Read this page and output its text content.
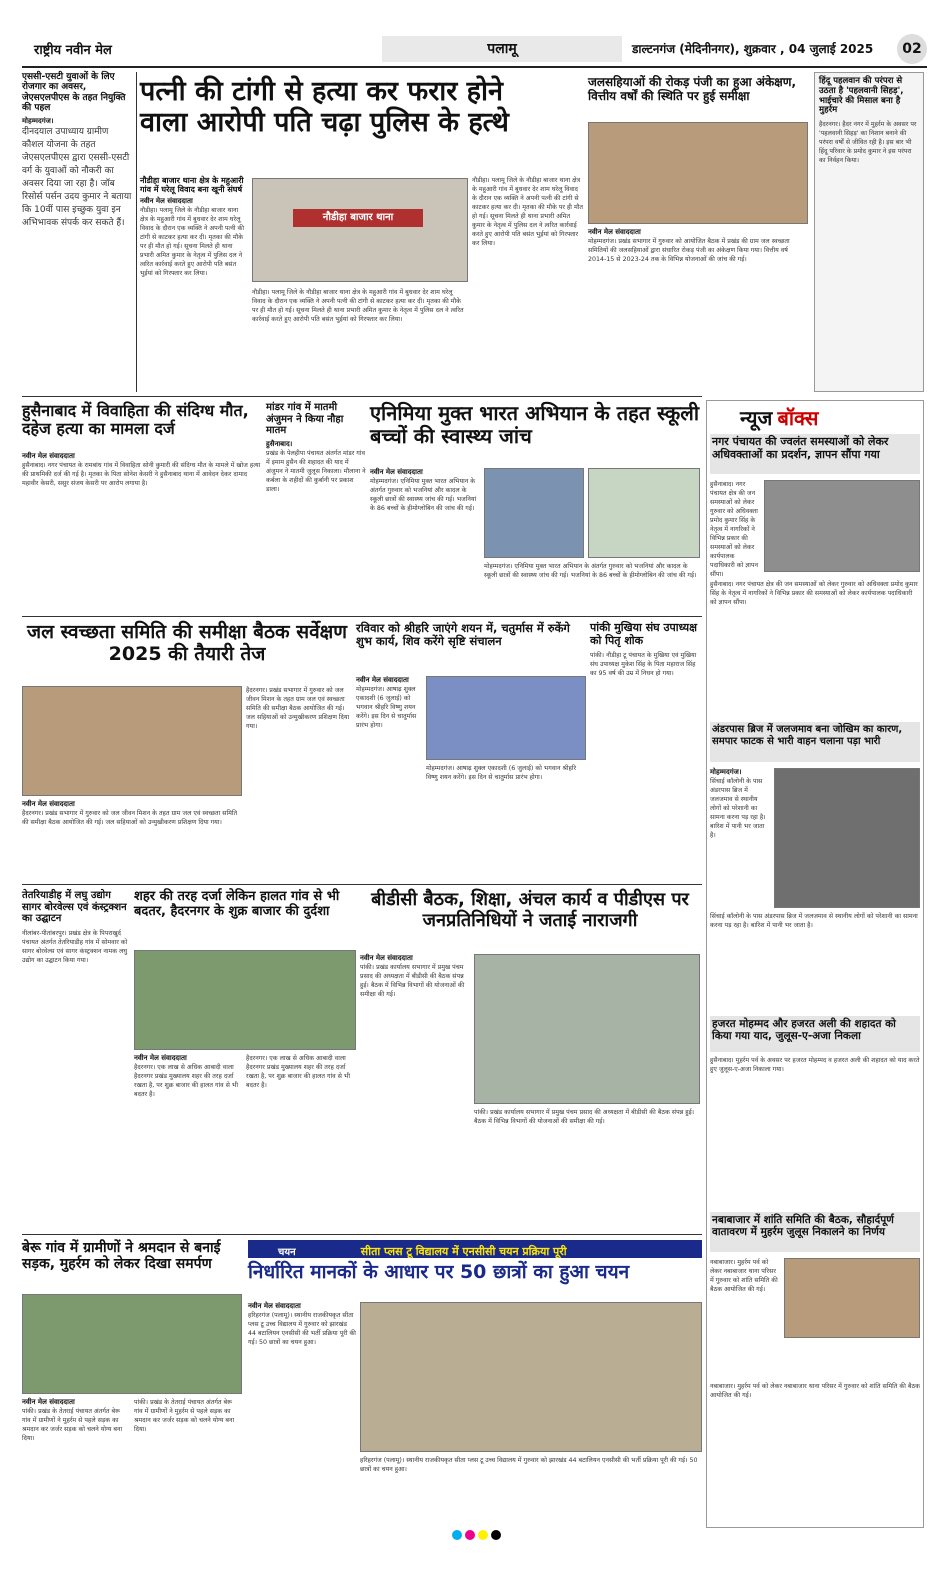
राष्ट्रीय नवीन मेल	पलामू	डाल्टनगंज (मेदिनीनगर), शुक्रवार , 04 जुलाई 2025	02
एससी-एसटी युवाओं के लिए रोजगार का अवसर, जेएसएलपीएस के तहत नियुक्ति की पहल
मोहम्मदगंज।
दीनदयाल उपाध्याय ग्रामीण कौशल योजना के तहत जेएसएलपीएस द्वारा एससी-एसटी वर्ग के युवाओं को नौकरी का अवसर दिया जा रहा है। जॉब रिसोर्स पर्सन उदय कुमार ने बताया कि 10वीं पास इच्छुक युवा इन अभिभावक संपर्क कर सकते हैं।
पत्नी की टांगी से हत्या कर फरार होने
वाला आरोपी पति चढ़ा पुलिस के हत्थे
नौडीहा बाजार थाना क्षेत्र के महुआरी गांव में घरेलू विवाद बना खूनी संघर्ष
नवीन मेल संवाददाता
नौडीहा। पलामू जिले के नौडीहा बाजार थाना क्षेत्र के महुआरी गांव में बुधवार देर शाम घरेलू विवाद के दौरान एक व्यक्ति ने अपनी पत्नी की टांगी से काटकर हत्या कर दी। मृतका की मौके पर ही मौत हो गई। सूचना मिलते ही थाना प्रभारी अमित कुमार के नेतृत्व में पुलिस दल ने त्वरित कार्रवाई करते हुए आरोपी पति बसंत भुईयां को गिरफ्तार कर लिया।
नौडीहा बाजार थाना
नौडीहा। पलामू जिले के नौडीहा बाजार थाना क्षेत्र के महुआरी गांव में बुधवार देर शाम घरेलू विवाद के दौरान एक व्यक्ति ने अपनी पत्नी की टांगी से काटकर हत्या कर दी। मृतका की मौके पर ही मौत हो गई। सूचना मिलते ही थाना प्रभारी अमित कुमार के नेतृत्व में पुलिस दल ने त्वरित कार्रवाई करते हुए आरोपी पति बसंत भुईयां को गिरफ्तार कर लिया।
नौडीहा। पलामू जिले के नौडीहा बाजार थाना क्षेत्र के महुआरी गांव में बुधवार देर शाम घरेलू विवाद के दौरान एक व्यक्ति ने अपनी पत्नी की टांगी से काटकर हत्या कर दी। मृतका की मौके पर ही मौत हो गई। सूचना मिलते ही थाना प्रभारी अमित कुमार के नेतृत्व में पुलिस दल ने त्वरित कार्रवाई करते हुए आरोपी पति बसंत भुईयां को गिरफ्तार कर लिया।
जलसहियाओं की रोकड़ पंजी का हुआ अंकेक्षण, वित्तीय वर्षों की स्थिति पर हुई समीक्षा
नवीन मेल संवाददाता
मोहम्मदगंज। प्रखंड सभागार में गुरुवार को आयोजित बैठक में प्रखंड की ग्राम जल स्वच्छता समितियों की जलसहियाओं द्वारा संधारित रोकड़ पंजी का अंकेक्षण किया गया। वित्तीय वर्ष 2014-15 से 2023-24 तक के विभिन्न योजनाओं की जांच की गई।
हिंदू पहलवान की परंपरा से उठता है 'पहलवानी सिहड़', भाईचारे की मिसाल बना है मुहर्रम
हैदरनगर। हैदर नगर में मुहर्रम के अवसर पर 'पहलवानी सिहड़' का निशान बनाने की परंपरा वर्षों से जीवित रही है। इस बार भी हिंदू परिवार के प्रमोद कुमार ने इस परंपरा का निर्वहन किया।
हुसैनाबाद में विवाहिता की संदिग्ध मौत, दहेज हत्या का मामला दर्ज
नवीन मेल संवाददाता
हुसैनाबाद। नगर पंचायत के रामबांध गांव में विवाहिता सोनी कुमारी की संदिग्ध मौत के मामले में खोज हत्या की प्राथमिकी दर्ज की गई है। मृतका के पिता सोनेश केसरी ने हुसैनाबाद थाना में आवेदन देकर दामाद महावीर केसरी, ससुर संजय केसरी पर आरोप लगाया है।
मांडर गांव में मातमी अंजुमन ने किया नौहा मातम
हुसैनाबाद।
प्रखंड के पेलहीपा पंचायत अंतर्गत मांडर गांव में इमाम हुसैन की शहादत की याद में अंजुमन ने मातमी जुलूस निकाला। मौलाना ने कर्बला के शहीदों की कुर्बानी पर प्रकाश डाला।
एनिमिया मुक्त भारत अभियान के तहत स्कूली बच्चों की स्वास्थ्य जांच
नवीन मेल संवाददाता
मोहम्मदगंज। एनिमिया मुक्त भारत अभियान के अंतर्गत गुरुवार को भजनियां और कादल के स्कूली छात्रों की स्वास्थ्य जांच की गई। भजनियां के 86 बच्चों के हीमोग्लोबिन की जांच की गई।
मोहम्मदगंज। एनिमिया मुक्त भारत अभियान के अंतर्गत गुरुवार को भजनियां और कादल के स्कूली छात्रों की स्वास्थ्य जांच की गई। भजनियां के 86 बच्चों के हीमोग्लोबिन की जांच की गई।
न्यूज बॉक्स
नगर पंचायत की ज्वलंत समस्याओं को लेकर अधिवक्ताओं का प्रदर्शन, ज्ञापन सौंपा गया
हुसैनाबाद। नगर पंचायत क्षेत्र की जन समस्याओं को लेकर गुरुवार को अधिवक्ता प्रमोद कुमार सिंह के नेतृत्व में नागरिकों ने विभिन्न प्रकार की समस्याओं को लेकर कार्यपालक पदाधिकारी को ज्ञापन सौंपा।
हुसैनाबाद। नगर पंचायत क्षेत्र की जन समस्याओं को लेकर गुरुवार को अधिवक्ता प्रमोद कुमार सिंह के नेतृत्व में नागरिकों ने विभिन्न प्रकार की समस्याओं को लेकर कार्यपालक पदाधिकारी को ज्ञापन सौंपा।
अंडरपास ब्रिज में जलजमाव बना जोखिम का कारण, समपार फाटक से भारी वाहन चलाना पड़ा भारी
मोहम्मदगंज।
सिंचाई कॉलोनी के पास अंडरपास ब्रिज में जलजमाव से स्थानीय लोगों को परेशानी का सामना करना पड़ रहा है। बारिश में पानी भर जाता है।
सिंचाई कॉलोनी के पास अंडरपास ब्रिज में जलजमाव से स्थानीय लोगों को परेशानी का सामना करना पड़ रहा है। बारिश में पानी भर जाता है।
हजरत मोहम्मद और हजरत अली की शहादत को किया गया याद, जुलूस-ए-अजा निकला
हुसैनाबाद। मुहर्रम पर्व के अवसर पर हजरत मोहम्मद व हजरत अली की शहादत को याद करते हुए जुलूस-ए-अजा निकाला गया।
नबाबाजार में शांति समिति की बैठक, सौहार्दपूर्ण वातावरण में मुहर्रम जुलूस निकालने का निर्णय
नबाबाजार। मुहर्रम पर्व को लेकर नबाबाजार थाना परिसर में गुरुवार को शांति समिति की बैठक आयोजित की गई।
नबाबाजार। मुहर्रम पर्व को लेकर नबाबाजार थाना परिसर में गुरुवार को शांति समिति की बैठक आयोजित की गई।
जल स्वच्छता समिति की समीक्षा बैठक सर्वेक्षण 2025 की तैयारी तेज
नवीन मेल संवाददाता
हैदरनगर। प्रखंड सभागार में गुरुवार को जल जीवन मिशन के तहत ग्राम जल एवं स्वच्छता समिति की समीक्षा बैठक आयोजित की गई। जल सहियाओं को उन्मुखीकरण प्रशिक्षण दिया गया।
हैदरनगर। प्रखंड सभागार में गुरुवार को जल जीवन मिशन के तहत ग्राम जल एवं स्वच्छता समिति की समीक्षा बैठक आयोजित की गई। जल सहियाओं को उन्मुखीकरण प्रशिक्षण दिया गया।
रविवार को श्रीहरि जाएंगे शयन में, चतुर्मास में रुकेंगे शुभ कार्य, शिव करेंगे सृष्टि संचालन
नवीन मेल संवाददाता
मोहम्मदगंज। आषाढ़ शुक्ल एकादशी (6 जुलाई) को भगवान श्रीहरि विष्णु शयन करेंगे। इस दिन से चातुर्मास प्रारंभ होगा।
मोहम्मदगंज। आषाढ़ शुक्ल एकादशी (6 जुलाई) को भगवान श्रीहरि विष्णु शयन करेंगे। इस दिन से चातुर्मास प्रारंभ होगा।
पांकी मुखिया संघ उपाध्यक्ष को पितृ शोक
पांकी। नौडीहा टू पंचायत के मुखिया एवं मुखिया संघ उपाध्यक्ष मुकेश सिंह के पिता महाराज सिंह का 95 वर्ष की उम्र में निधन हो गया।
तेतरियाडीह में लघु उद्योग सागर बोरवेल्स एवं कंस्ट्रक्शन का उद्घाटन
नीलांबर-पीतांबरपुर। प्रखंड क्षेत्र के पिपराखुर्द पंचायत अंतर्गत तेतरियाडीह गांव में सोमवार को सागर बोरवेल्स एवं सागर कंस्ट्रक्शन नामक लघु उद्योग का उद्घाटन किया गया।
शहर की तरह दर्जा लेकिन हालत गांव से भी बदतर, हैदरनगर के शुक्र बाजार की दुर्दशा
नवीन मेल संवाददाता
हैदरनगर। एक लाख से अधिक आबादी वाला हैदरनगर प्रखंड मुख्यालय शहर की तरह दर्जा रखता है, पर शुक्र बाजार की हालत गांव से भी बदतर है।
हैदरनगर। एक लाख से अधिक आबादी वाला हैदरनगर प्रखंड मुख्यालय शहर की तरह दर्जा रखता है, पर शुक्र बाजार की हालत गांव से भी बदतर है।
बीडीसी बैठक, शिक्षा, अंचल कार्य व पीडीएस पर जनप्रतिनिधियों ने जताई नाराजगी
नवीन मेल संवाददाता
पांकी। प्रखंड कार्यालय सभागार में प्रमुख पंचम प्रसाद की अध्यक्षता में बीडीसी की बैठक संपन्न हुई। बैठक में विभिन्न विभागों की योजनाओं की समीक्षा की गई।
पांकी। प्रखंड कार्यालय सभागार में प्रमुख पंचम प्रसाद की अध्यक्षता में बीडीसी की बैठक संपन्न हुई। बैठक में विभिन्न विभागों की योजनाओं की समीक्षा की गई।
बेरू गांव में ग्रामीणों ने श्रमदान से बनाई सड़क, मुहर्रम को लेकर दिखा समर्पण
नवीन मेल संवाददाता
पांकी। प्रखंड के तेतराई पंचायत अंतर्गत बेरू गांव में ग्रामीणों ने मुहर्रम से पहले सड़क का श्रमदान कर जर्जर सड़क को चलने योग्य बना दिया।
पांकी। प्रखंड के तेतराई पंचायत अंतर्गत बेरू गांव में ग्रामीणों ने मुहर्रम से पहले सड़क का श्रमदान कर जर्जर सड़क को चलने योग्य बना दिया।
चयन	सीता प्लस टू विद्यालय में एनसीसी चयन प्रक्रिया पूरी
निर्धारित मानकों के आधार पर 50 छात्रों का हुआ चयन
नवीन मेल संवाददाता
हरिहरगंज (पलामू)। स्थानीय राजकीयकृत सीता प्लस टू उच्च विद्यालय में गुरुवार को झारखंड 44 बटालियन एनसीसी की भर्ती प्रक्रिया पूरी की गई। 50 छात्रों का चयन हुआ।
हरिहरगंज (पलामू)। स्थानीय राजकीयकृत सीता प्लस टू उच्च विद्यालय में गुरुवार को झारखंड 44 बटालियन एनसीसी की भर्ती प्रक्रिया पूरी की गई। 50 छात्रों का चयन हुआ।
